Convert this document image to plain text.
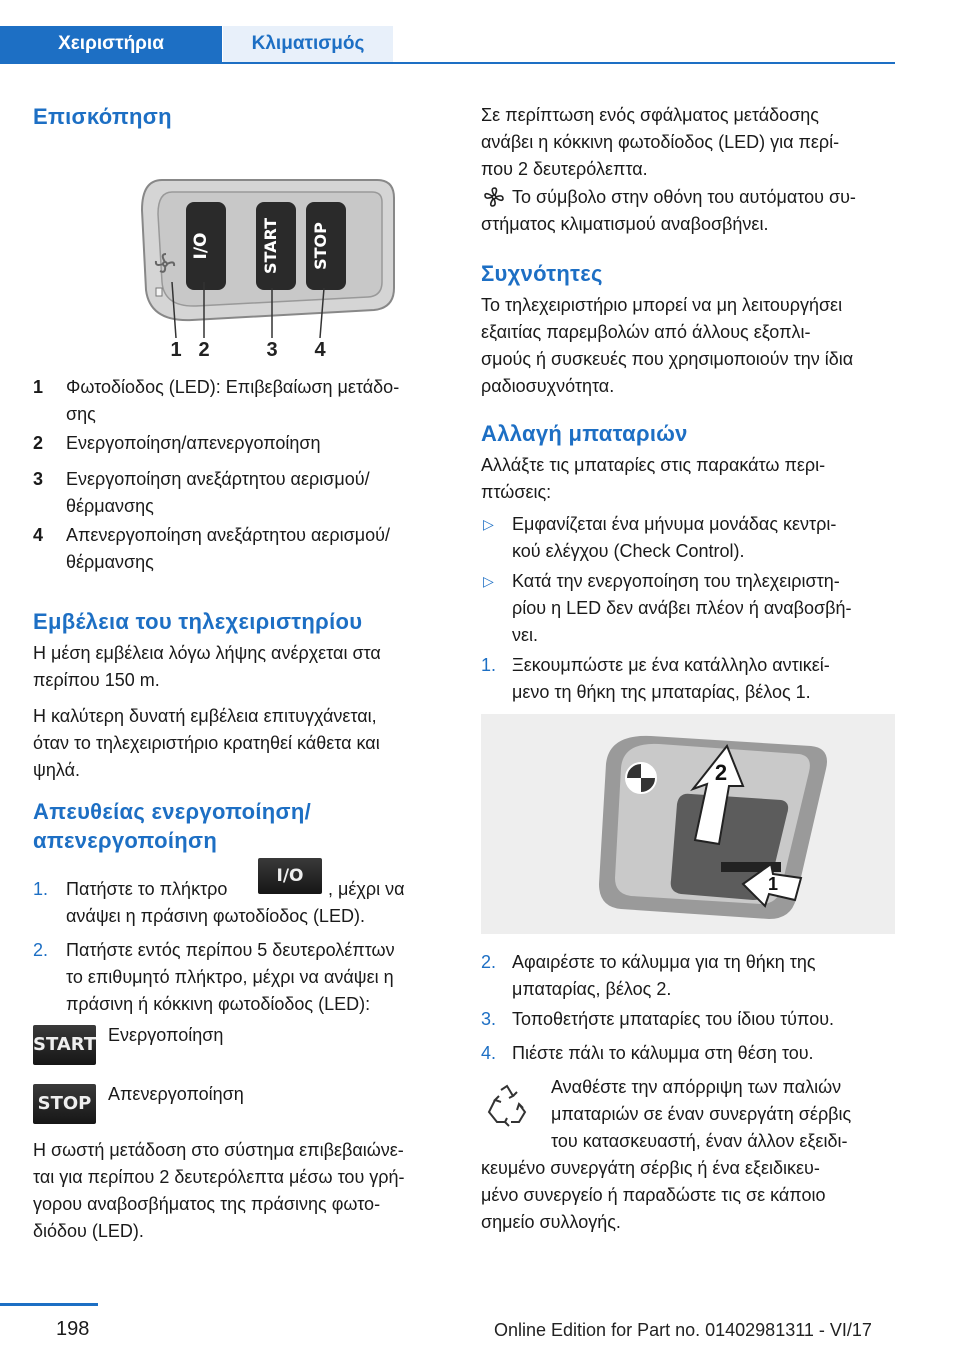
Χειριστήρια	Κλιματισμός
Επισκόπηση
I/O	START STOP
1 2	3 4
1 Φωτοδίοδος (LED): Επιβεβαίωση μετάδο-
σης
2 Ενεργοποίηση/απενεργοποίηση
3 Ενεργοποίηση ανεξάρτητου αερισμού/
θέρμανσης
4 Απενεργοποίηση ανεξάρτητου αερισμού/
θέρμανσης
Εμβέλεια του τηλεχειριστηρίου
Η μέση εμβέλεια λόγω λήψης ανέρχεται στα
περίπου 150 m.
Η καλύτερη δυνατή εμβέλεια επιτυγχάνεται,
όταν το τηλεχειριστήριο κρατηθεί κάθετα και
ψηλά.
Απευθείας ενεργοποίηση/
απενεργοποίηση
1. Πατήστε το πλήκτρο
I/O
, μέχρι να
ανάψει η πράσινη φωτοδίοδος (LED).
2. Πατήστε εντός περίπου 5 δευτερολέπτων
το επιθυμητό πλήκτρο, μέχρι να ανάψει η
πράσινη ή κόκκινη φωτοδίοδος (LED):
START Ενεργοποίηση
STOP Απενεργοποίηση
Η σωστή μετάδοση στο σύστημα επιβεβαιώνε-
ται για περίπου 2 δευτερόλεπτα μέσω του γρή-
γορου αναβοσβήματος της πράσινης φωτο-
διόδου (LED).
Σε περίπτωση ενός σφάλματος μετάδοσης
ανάβει η κόκκινη φωτοδίοδος (LED) για περί-
που 2 δευτερόλεπτα.
Το σύμβολο στην οθόνη του αυτόματου συ-
στήματος κλιματισμού αναβοσβήνει.
Συχνότητες
Το τηλεχειριστήριο μπορεί να μη λειτουργήσει
εξαιτίας παρεμβολών από άλλους εξοπλι-
σμούς ή συσκευές που χρησιμοποιούν την ίδια
ραδιοσυχνότητα.
Αλλαγή μπαταριών
Αλλάξτε τις μπαταρίες στις παρακάτω περι-
πτώσεις:
▷ Εμφανίζεται ένα μήνυμα μονάδας κεντρι-
κού ελέγχου (Check Control).
▷ Κατά την ενεργοποίηση του τηλεχειριστη-
ρίου η LED δεν ανάβει πλέον ή αναβοσβή-
νει.
1. Ξεκουμπώστε με ένα κατάλληλο αντικεί-
μενο τη θήκη της μπαταρίας, βέλος 1.
2
1
2. Αφαιρέστε το κάλυμμα για τη θήκη της
μπαταρίας, βέλος 2.
3. Τοποθετήστε μπαταρίες του ίδιου τύπου.
4. Πιέστε πάλι το κάλυμμα στη θέση του.
Αναθέστε την απόρριψη των παλιών
μπαταριών σε έναν συνεργάτη σέρβις
του κατασκευαστή, έναν άλλον εξειδι-
κευμένο συνεργάτη σέρβις ή ένα εξειδικευ-
μένο συνεργείο ή παραδώστε τις σε κάποιο
σημείο συλλογής.
198	Online Edition for Part no. 01402981311 - VI/17
